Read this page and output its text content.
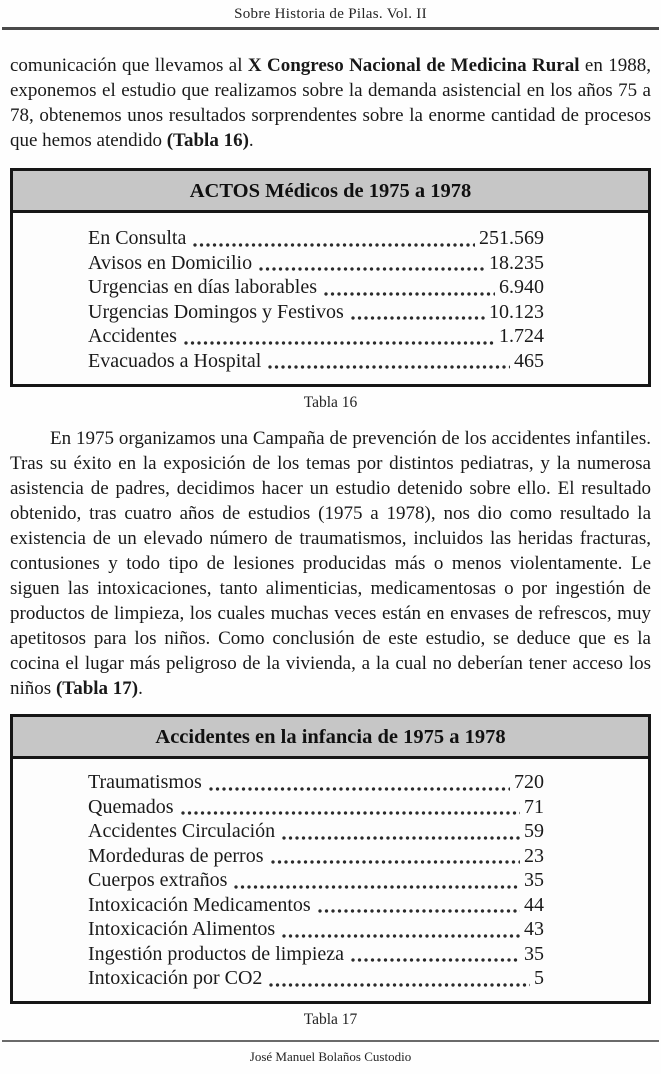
Sobre Historia de Pilas. Vol. II

comunicación que llevamos al X Congreso Nacional de Medicina Rural en 1988, exponemos el estudio que realizamos sobre la demanda asistencial en los años 75 a 78, obtenemos unos resultados sorprendentes sobre la enorme cantidad de procesos que hemos atendido (Tabla 16).

ACTOS Médicos de 1975 a 1978
En Consulta	251.569
Avisos en Domicilio	18.235
Urgencias en días laborables	6.940
Urgencias Domingos y Festivos	10.123
Accidentes	1.724
Evacuados a Hospital	465
Tabla 16

En 1975 organizamos una Campaña de prevención de los accidentes infantiles. Tras su éxito en la exposición de los temas por distintos pediatras, y la numerosa asistencia de padres, decidimos hacer un estudio detenido sobre ello. El resultado obtenido, tras cuatro años de estudios (1975 a 1978), nos dio como resultado la existencia de un elevado número de traumatismos, incluidos las heridas fracturas, contusiones y todo tipo de lesiones producidas más o menos violentamente. Le siguen las intoxicaciones, tanto alimenticias, medicamentosas o por ingestión de productos de limpieza, los cuales muchas veces están en envases de refrescos, muy apetitosos para los niños. Como conclusión de este estudio, se deduce que es la cocina el lugar más peligroso de la vivienda, a la cual no deberían tener acceso los niños (Tabla 17).

Accidentes en la infancia de 1975 a 1978
Traumatismos	720
Quemados	71
Accidentes Circulación	59
Mordeduras de perros	23
Cuerpos extraños	35
Intoxicación Medicamentos	44
Intoxicación Alimentos	43
Ingestión productos de limpieza	35
Intoxicación por CO2	5
Tabla 17
José Manuel Bolaños Custodio
